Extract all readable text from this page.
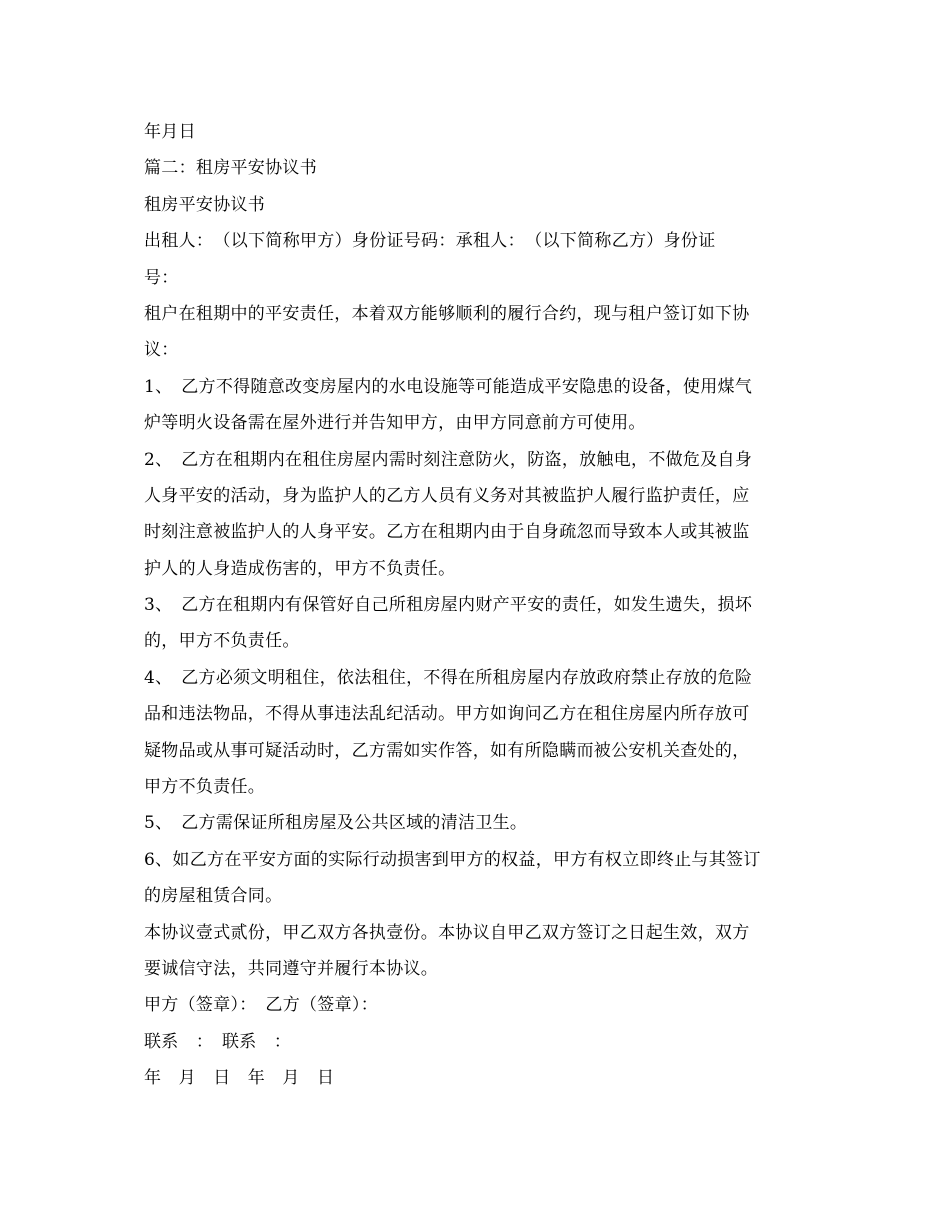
年月日
篇二：租房平安协议书
租房平安协议书
出租人：　（以下简称甲方）身份证号码：承租人：　（以下简称乙方）身份证
号：
租户在租期中的平安责任，本着双方能够顺利的履行合约，现与租户签订如下协
议：
1、　乙方不得随意改变房屋内的水电设施等可能造成平安隐患的设备，使用煤气
炉等明火设备需在屋外进行并告知甲方，由甲方同意前方可使用。
2、　乙方在租期内在租住房屋内需时刻注意防火，防盗，放触电，不做危及自身
人身平安的活动，身为监护人的乙方人员有义务对其被监护人履行监护责任，应
时刻注意被监护人的人身平安。乙方在租期内由于自身疏忽而导致本人或其被监
护人的人身造成伤害的，甲方不负责任。
3、　乙方在租期内有保管好自己所租房屋内财产平安的责任，如发生遗失，损坏
的，甲方不负责任。
4、　乙方必须文明租住，依法租住，不得在所租房屋内存放政府禁止存放的危险
品和违法物品，不得从事违法乱纪活动。甲方如询问乙方在租住房屋内所存放可
疑物品或从事可疑活动时，乙方需如实作答，如有所隐瞒而被公安机关查处的，
甲方不负责任。
5、　乙方需保证所租房屋及公共区域的清洁卫生。
6、如乙方在平安方面的实际行动损害到甲方的权益，甲方有权立即终止与其签订
的房屋租赁合同。
本协议壹式贰份，甲乙双方各执壹份。本协议自甲乙双方签订之日起生效，双方
要诚信守法，共同遵守并履行本协议。
甲方（签章）：　乙方（签章）：
联系　：　联系　：
年　月　日　年　月　日
